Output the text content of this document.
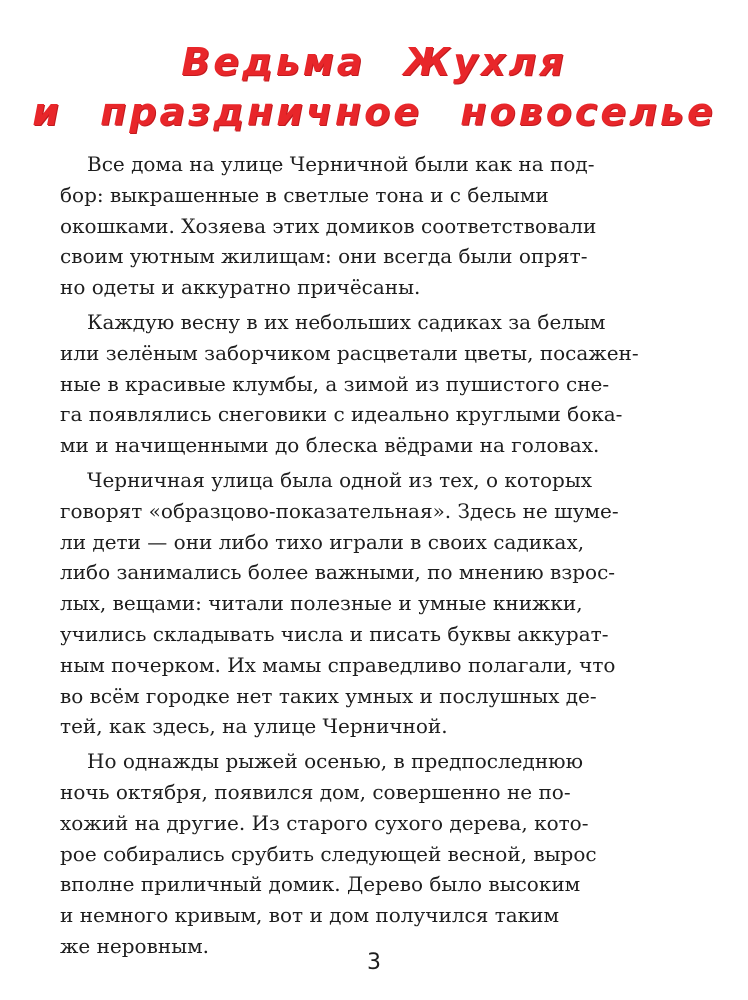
Ведьма Жухля
и праздничное новоселье
Все дома на улице Черничной были как на под-
бор: выкрашенные в светлые тона и с белыми
окошками. Хозяева этих домиков соответствовали
своим уютным жилищам: они всегда были опрят-
но одеты и аккуратно причёсаны.
Каждую весну в их небольших садиках за белым
или зелёным заборчиком расцветали цветы, посажен-
ные в красивые клумбы, а зимой из пушистого сне-
га появлялись снеговики с идеально круглыми бока-
ми и начищенными до блеска вёдрами на головах.
Черничная улица была одной из тех, о которых
говорят «образцово-показательная». Здесь не шуме-
ли дети — они либо тихо играли в своих садиках,
либо занимались более важными, по мнению взрос-
лых, вещами: читали полезные и умные книжки,
учились складывать числа и писать буквы аккурат-
ным почерком. Их мамы справедливо полагали, что
во всём городке нет таких умных и послушных де-
тей, как здесь, на улице Черничной.
Но однажды рыжей осенью, в предпоследнюю
ночь октября, появился дом, совершенно не по-
хожий на другие. Из старого сухого дерева, кото-
рое собирались срубить следующей весной, вырос
вполне приличный домик. Дерево было высоким
и немного кривым, вот и дом получился таким
же неровным.
3
